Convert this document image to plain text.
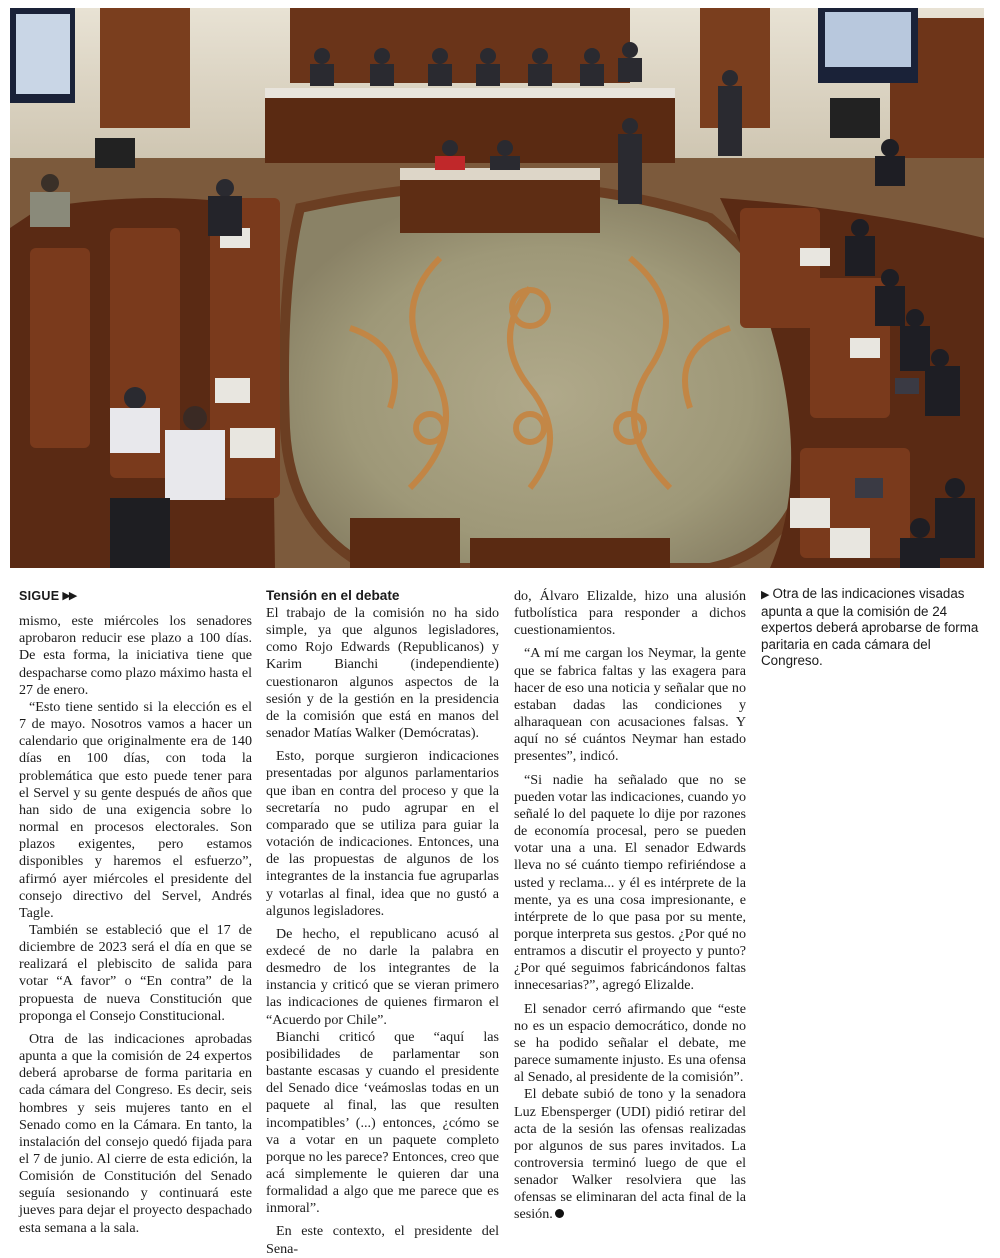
SIGUE ▶▶

mismo, este miércoles los senadores aprobaron reducir ese plazo a 100 días. De esta forma, la iniciativa tiene que despacharse como plazo máximo hasta el 27 de enero.

“Esto tiene sentido si la elección es el 7 de mayo. Nosotros vamos a hacer un calendario que originalmente era de 140 días en 100 días, con toda la problemática que esto puede tener para el Servel y su gente después de años que han sido de una exigencia sobre lo normal en procesos electorales. Son plazos exigentes, pero estamos disponibles y haremos el esfuerzo”, afirmó ayer miércoles el presidente del consejo directivo del Servel, Andrés Tagle.

También se estableció que el 17 de diciembre de 2023 será el día en que se realizará el plebiscito de salida para votar “A favor” o “En contra” de la propuesta de nueva Constitución que proponga el Consejo Constitucional.

Otra de las indicaciones aprobadas apunta a que la comisión de 24 expertos deberá aprobarse de forma paritaria en cada cámara del Congreso. Es decir, seis hombres y seis mujeres tanto en el Senado como en la Cámara. En tanto, la instalación del consejo quedó fijada para el 7 de junio. Al cierre de esta edición, la Comisión de Constitución del Senado seguía sesionando y continuará este jueves para dejar el proyecto despachado esta semana a la sala.

Tensión en el debate

El trabajo de la comisión no ha sido simple, ya que algunos legisladores, como Rojo Edwards (Republicanos) y Karim Bianchi (independiente) cuestionaron algunos aspectos de la sesión y de la gestión en la presidencia de la comisión que está en manos del senador Matías Walker (Demócratas).

Esto, porque surgieron indicaciones presentadas por algunos parlamentarios que iban en contra del proceso y que la secretaría no pudo agrupar en el comparado que se utiliza para guiar la votación de indicaciones. Entonces, una de las propuestas de algunos de los integrantes de la instancia fue agruparlas y votarlas al final, idea que no gustó a algunos legisladores.

De hecho, el republicano acusó al exdecé de no darle la palabra en desmedro de los integrantes de la instancia y criticó que se vieran primero las indicaciones de quienes firmaron el “Acuerdo por Chile”.

Bianchi criticó que “aquí las posibilidades de parlamentar son bastante escasas y cuando el presidente del Senado dice ‘veámoslas todas en un paquete al final, las que resulten incompatibles’ (...) entonces, ¿cómo se va a votar en un paquete completo porque no les parece? Entonces, creo que acá simplemente le quieren dar una formalidad a algo que me parece que es inmoral”.

En este contexto, el presidente del Sena-

do, Álvaro Elizalde, hizo una alusión futbolística para responder a dichos cuestionamientos.

“A mí me cargan los Neymar, la gente que se fabrica faltas y las exagera para hacer de eso una noticia y señalar que no estaban dadas las condiciones y alharaquean con acusaciones falsas. Y aquí no sé cuántos Neymar han estado presentes”, indicó.

“Si nadie ha señalado que no se pueden votar las indicaciones, cuando yo señalé lo del paquete lo dije por razones de economía procesal, pero se pueden votar una a una. El senador Edwards lleva no sé cuánto tiempo refiriéndose a usted y reclama... y él es intérprete de la mente, ya es una cosa impresionante, e intérprete de lo que pasa por su mente, porque interpreta sus gestos. ¿Por qué no entramos a discutir el proyecto y punto? ¿Por qué seguimos fabricándonos faltas innecesarias?”, agregó Elizalde.

El senador cerró afirmando que “este no es un espacio democrático, donde no se ha podido señalar el debate, me parece sumamente injusto. Es una ofensa al Senado, al presidente de la comisión”.

El debate subió de tono y la senadora Luz Ebensperger (UDI) pidió retirar del acta de la sesión las ofensas realizadas por algunos de sus pares invitados. La controversia terminó luego de que el senador Walker resolviera que las ofensas se eliminaran del acta final de la sesión.

▶ Otra de las indicaciones visadas apunta a que la comisión de 24 expertos deberá aprobarse de forma paritaria en cada cámara del Congreso.
